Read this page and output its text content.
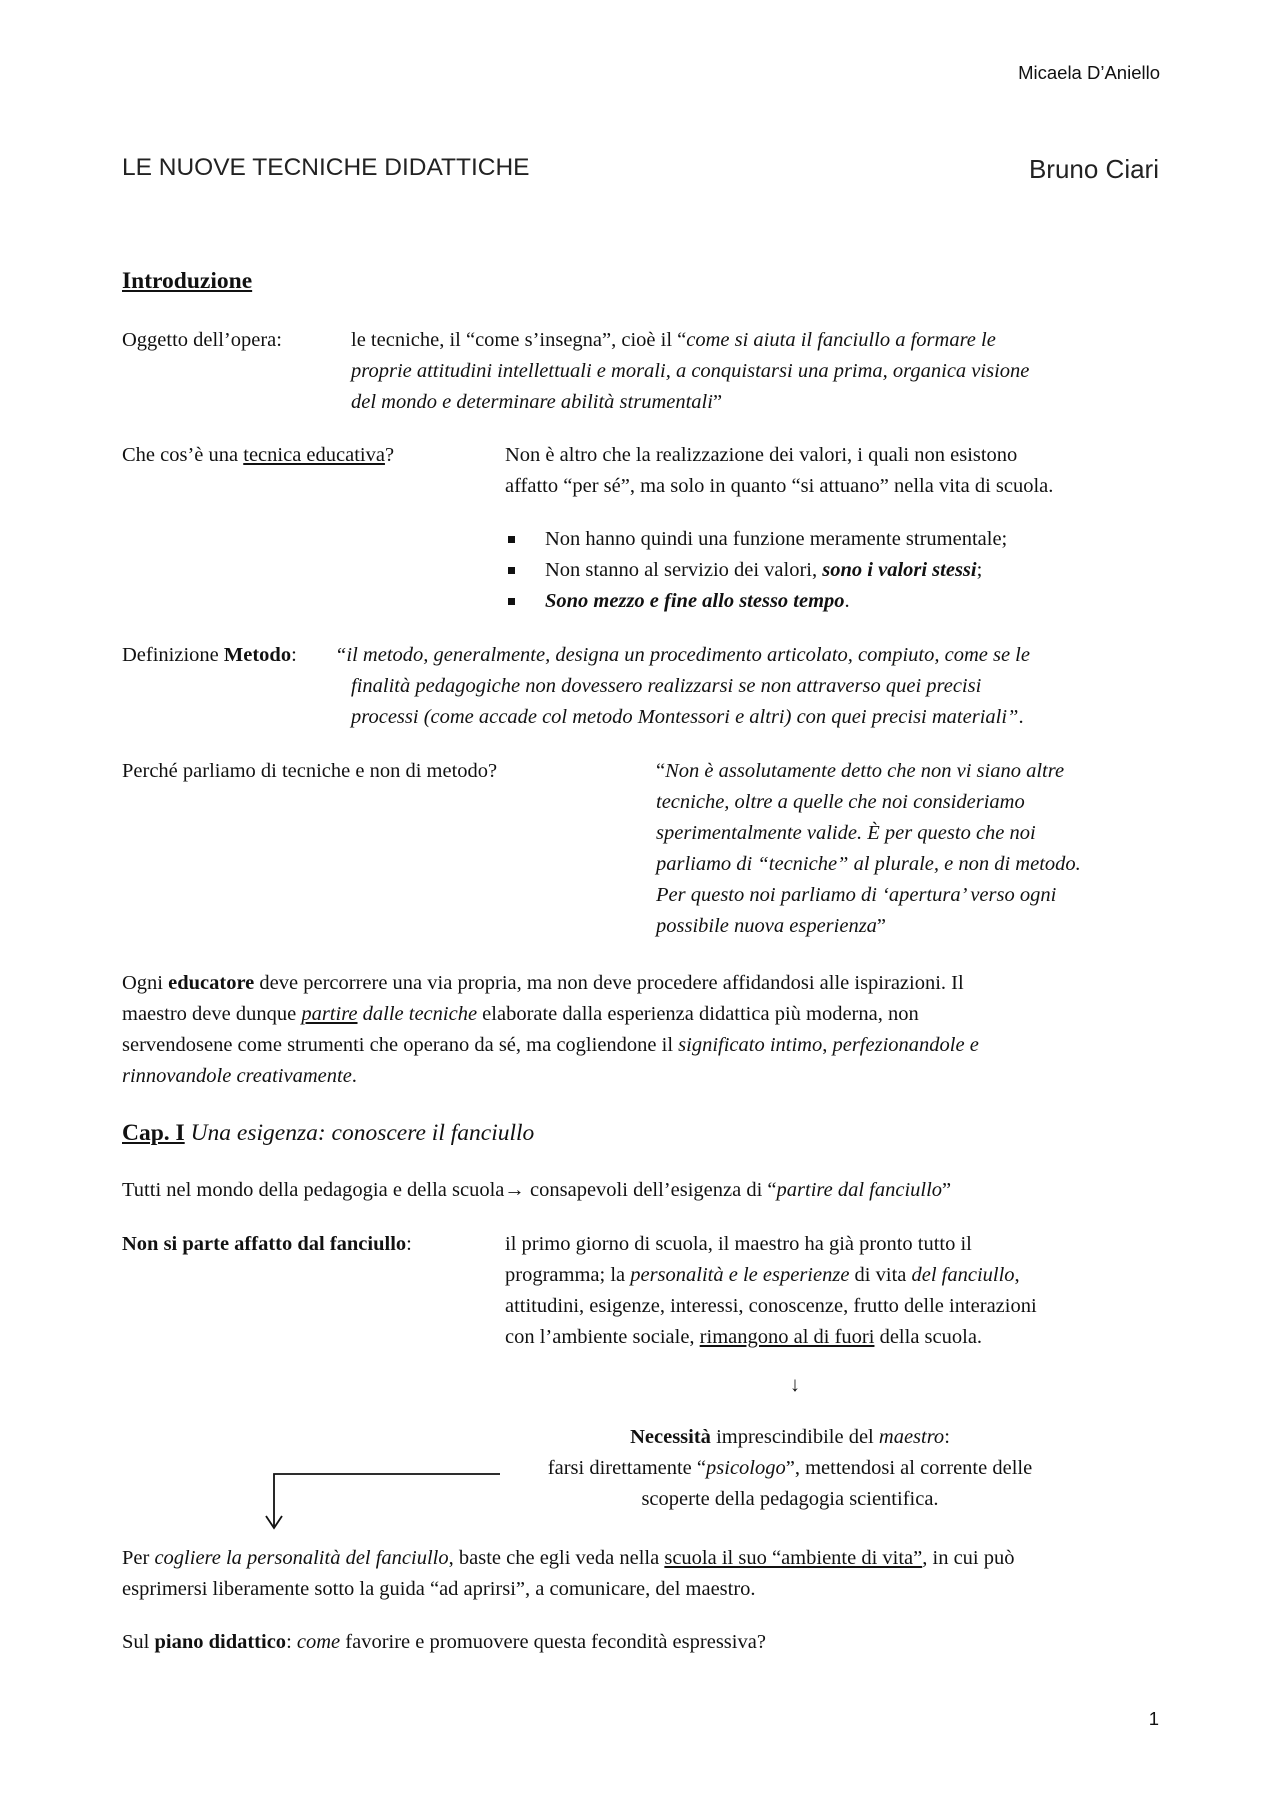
Micaela D’Aniello
LE NUOVE TECNICHE DIDATTICHE	Bruno Ciari
Introduzione
Oggetto dell’opera:	le tecniche, il “come s’insegna”, cioè il “come si aiuta il fanciullo a formare le
proprie attitudini intellettuali e morali, a conquistarsi una prima, organica visione
del mondo e determinare abilità strumentali”
Che cos’è una tecnica educativa?	Non è altro che la realizzazione dei valori, i quali non esistono
affatto “per sé”, ma solo in quanto “si attuano” nella vita di scuola.
Non hanno quindi una funzione meramente strumentale;
Non stanno al servizio dei valori, sono i valori stessi;
Sono mezzo e fine allo stesso tempo.
Definizione Metodo: “il metodo, generalmente, designa un procedimento articolato, compiuto, come se le
finalità pedagogiche non dovessero realizzarsi se non attraverso quei precisi
processi (come accade col metodo Montessori e altri) con quei precisi materiali”.
Perché parliamo di tecniche e non di metodo?	“Non è assolutamente detto che non vi siano altre
tecniche, oltre a quelle che noi consideriamo
sperimentalmente valide. È per questo che noi
parliamo di “tecniche” al plurale, e non di metodo.
Per questo noi parliamo di ‘apertura’ verso ogni
possibile nuova esperienza”
Ogni educatore deve percorrere una via propria, ma non deve procedere affidandosi alle ispirazioni. Il
maestro deve dunque partire dalle tecniche elaborate dalla esperienza didattica più moderna, non
servendosene come strumenti che operano da sé, ma cogliendone il significato intimo, perfezionandole e
rinnovandole creativamente.
Cap. I Una esigenza: conoscere il fanciullo
Tutti nel mondo della pedagogia e della scuola→ consapevoli dell’esigenza di “partire dal fanciullo”
Non si parte affatto dal fanciullo:	il primo giorno di scuola, il maestro ha già pronto tutto il
programma; la personalità e le esperienze di vita del fanciullo,
attitudini, esigenze, interessi, conoscenze, frutto delle interazioni
con l’ambiente sociale, rimangono al di fuori della scuola.
↓
Necessità imprescindibile del maestro:
farsi direttamente “psicologo”, mettendosi al corrente delle
scoperte della pedagogia scientifica.
Per cogliere la personalità del fanciullo, baste che egli veda nella scuola il suo “ambiente di vita”, in cui può
esprimersi liberamente sotto la guida “ad aprirsi”, a comunicare, del maestro.
Sul piano didattico: come favorire e promuovere questa fecondità espressiva?
1
